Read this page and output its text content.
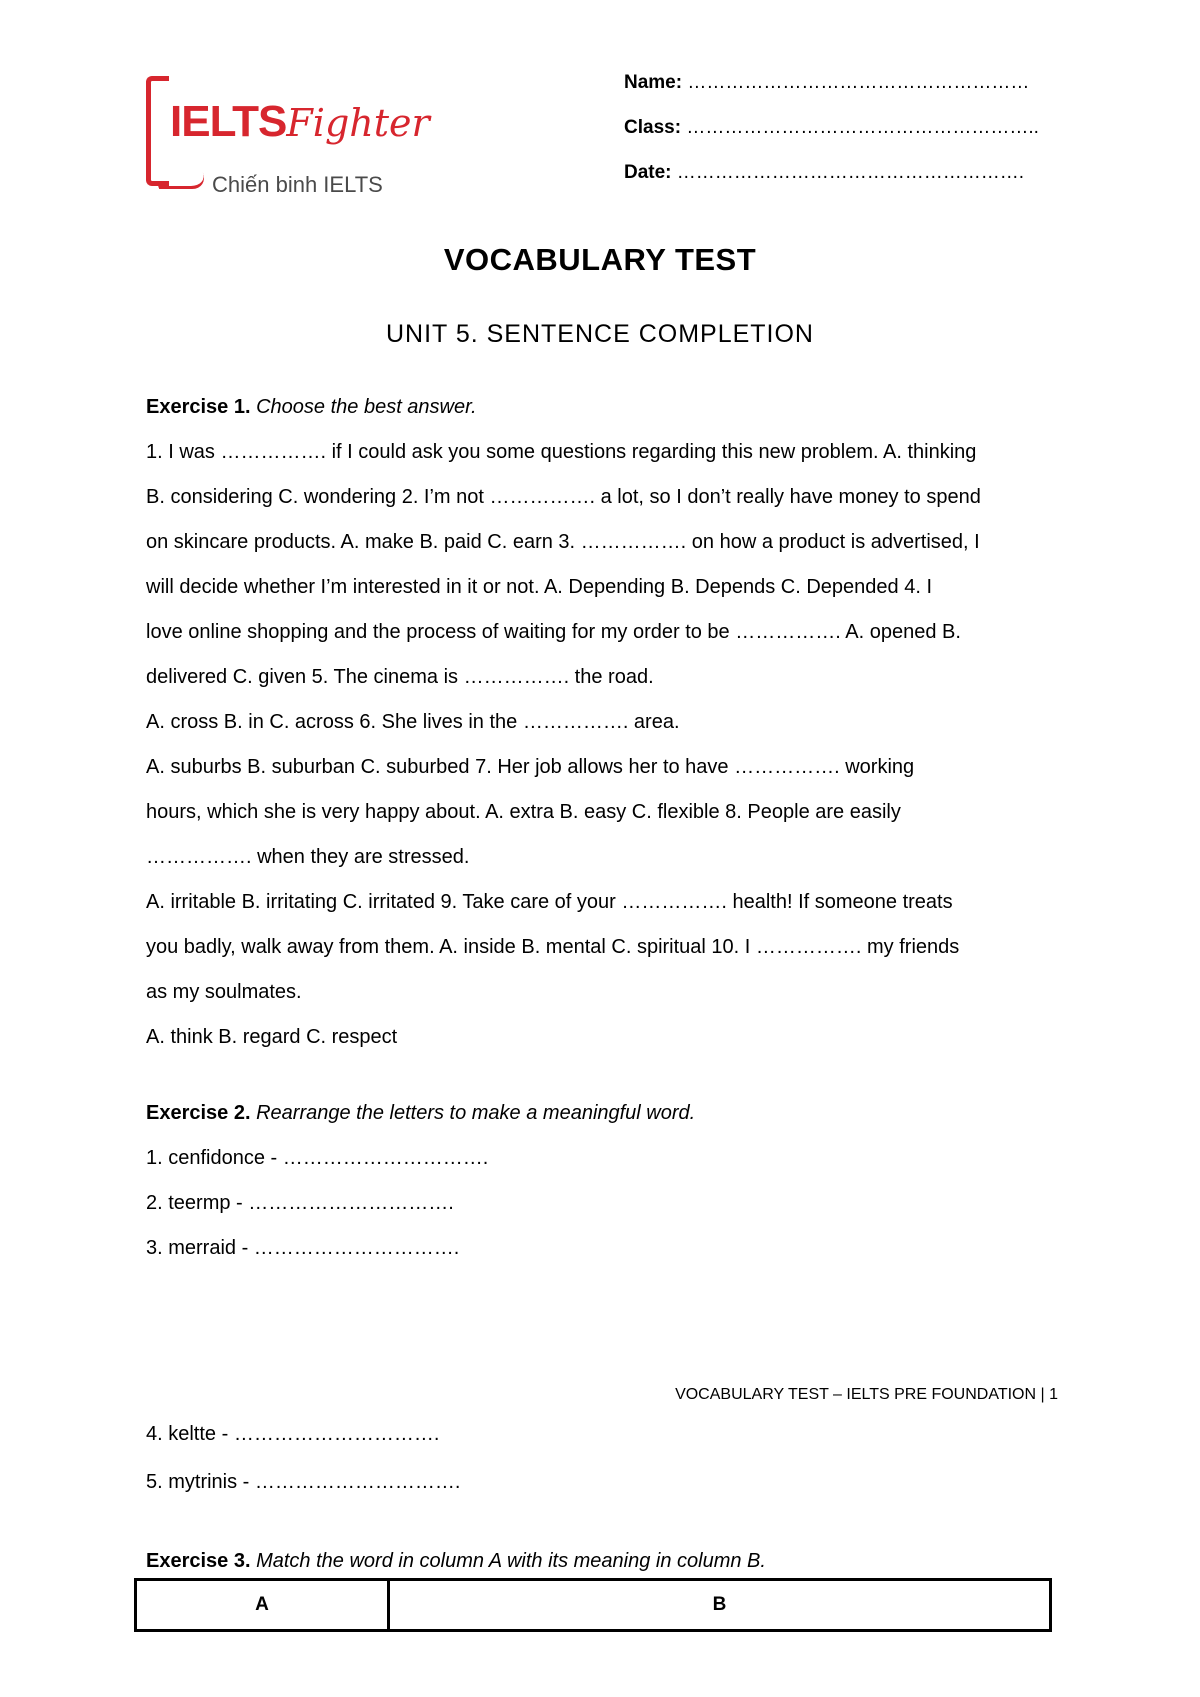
IELTSFighter
Chiến binh IELTS
Name: ………………………………………………
Class: ………………………………………………..
Date: ……………………………………………….
VOCABULARY TEST
UNIT 5. SENTENCE COMPLETION

Exercise 1. Choose the best answer.

1. I was ……………. if I could ask you some questions regarding this new problem. A. thinking

B. considering C. wondering 2. I’m not ……………. a lot, so I don’t really have money to spend

on skincare products. A. make B. paid C. earn 3. ……………. on how a product is advertised, I

will decide whether I’m interested in it or not. A. Depending B. Depends C. Depended 4. I

love online shopping and the process of waiting for my order to be ……………. A. opened B.

delivered C. given 5. The cinema is ……………. the road.

A. cross B. in C. across 6. She lives in the ……………. area.

A. suburbs B. suburban C. suburbed 7. Her job allows her to have ……………. working

hours, which she is very happy about. A. extra B. easy C. flexible 8. People are easily

……………. when they are stressed.

A. irritable B. irritating C. irritated 9. Take care of your ……………. health! If someone treats

you badly, walk away from them. A. inside B. mental C. spiritual 10. I ……………. my friends

as my soulmates.

A. think B. regard C. respect

Exercise 2. Rearrange the letters to make a meaningful word.

1. cenfidonce - ………………………….

2. teermp - ………………………….

3. merraid - ………………………….

VOCABULARY TEST – IELTS PRE FOUNDATION | 1

4. keltte - ………………………….

5. mytrinis - ………………………….

Exercise 3. Match the word in column A with its meaning in column B.
A	B
